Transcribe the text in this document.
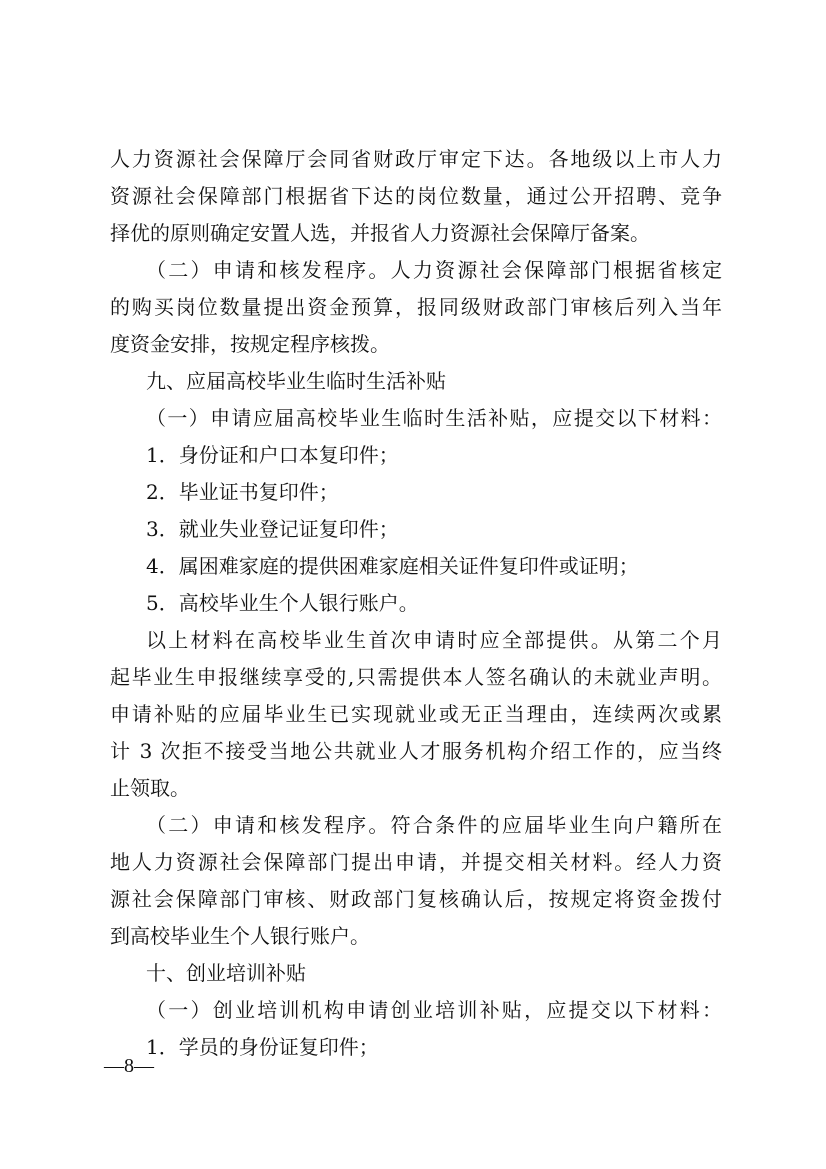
人力资源社会保障厅会同省财政厅审定下达。各地级以上市人力
资源社会保障部门根据省下达的岗位数量，通过公开招聘、竞争
择优的原则确定安置人选，并报省人力资源社会保障厅备案。
（二）申请和核发程序。人力资源社会保障部门根据省核定
的购买岗位数量提出资金预算，报同级财政部门审核后列入当年
度资金安排，按规定程序核拨。
九、应届高校毕业生临时生活补贴
（一）申请应届高校毕业生临时生活补贴，应提交以下材料：
1．身份证和户口本复印件；
2．毕业证书复印件；
3．就业失业登记证复印件；
4．属困难家庭的提供困难家庭相关证件复印件或证明；
5．高校毕业生个人银行账户。
以上材料在高校毕业生首次申请时应全部提供。从第二个月
起毕业生申报继续享受的,只需提供本人签名确认的未就业声明。
申请补贴的应届毕业生已实现就业或无正当理由，连续两次或累
计 3 次拒不接受当地公共就业人才服务机构介绍工作的，应当终
止领取。
（二）申请和核发程序。符合条件的应届毕业生向户籍所在
地人力资源社会保障部门提出申请，并提交相关材料。经人力资
源社会保障部门审核、财政部门复核确认后，按规定将资金拨付
到高校毕业生个人银行账户。
十、创业培训补贴
（一）创业培训机构申请创业培训补贴，应提交以下材料：
1．学员的身份证复印件；
—8—
